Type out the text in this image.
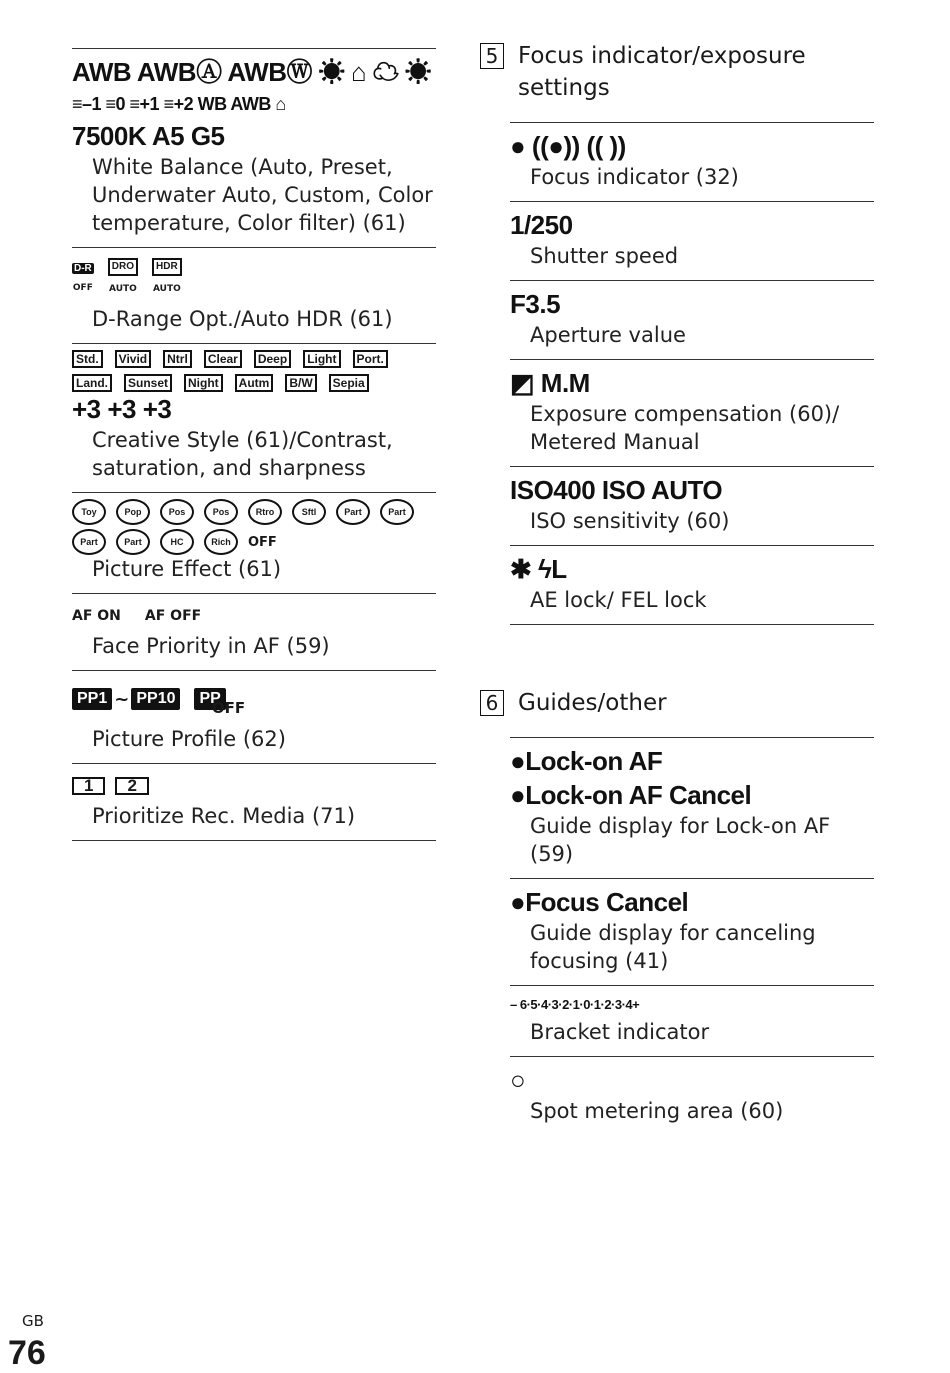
AWB AWBⒶ AWBⓌ ☀ ⌂ ☁ ☀
≡–1 ≡0 ≡+1 ≡+2 WB AWB ⌂
7500K A5 G5
White Balance (Auto, Preset, Underwater Auto, Custom, Color temperature, Color filter) (61)
D-R
OFF
DRO
AUTO
HDR
AUTO
D-Range Opt./Auto HDR (61)
Std.	Vivid	Ntrl	Clear	Deep	Light	Port.
Land.	Sunset	Night	Autm	B/W	Sepia
+3 +3 +3
Creative Style (61)/Contrast, saturation, and sharpness
Toy	Pop	Pos	Pos	Rtro	Sftl	Part	Part
Part	Part	HC	Rich	OFF
Picture Effect (61)
AF ON AF OFF
Face Priority in AF (59)
PP1 ~ PP10	PPOFF
Picture Profile (62)
1	2
Prioritize Rec. Media (71)
5 Focus indicator/exposure settings
● ((●)) (( ))
Focus indicator (32)
1/250
Shutter speed
F3.5
Aperture value
◩ M.M
Exposure compensation (60)/ Metered Manual
ISO400 ISO AUTO
ISO sensitivity (60)
✱ ϟL
AE lock/ FEL lock
6 Guides/other
●Lock-on AF
●Lock-on AF Cancel
Guide display for Lock-on AF (59)
●Focus Cancel
Guide display for canceling focusing (41)
– 6·5·4·3·2·1·0·1·2·3·4+
Bracket indicator
○
Spot metering area (60)
GB
76
